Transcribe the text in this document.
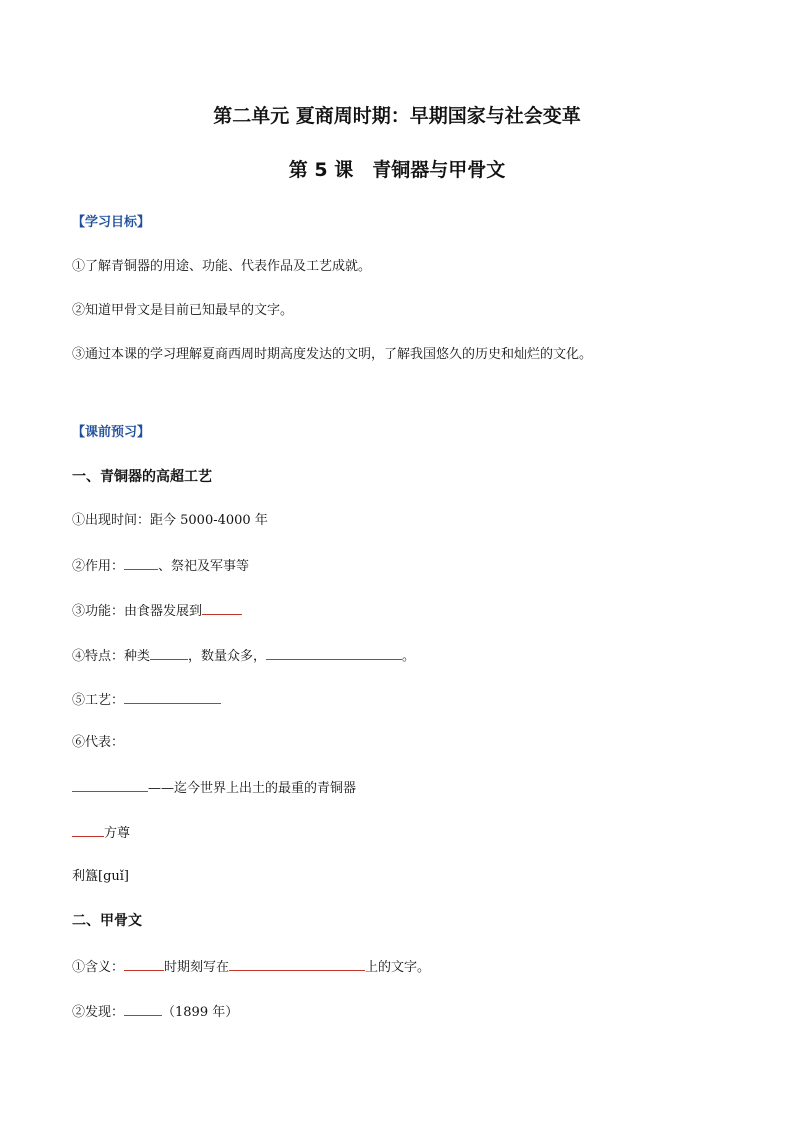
第二单元 夏商周时期：早期国家与社会变革
第 5 课　青铜器与甲骨文
【学习目标】
①了解青铜器的用途、功能、代表作品及工艺成就。
②知道甲骨文是目前已知最早的文字。
③通过本课的学习理解夏商西周时期高度发达的文明，了解我国悠久的历史和灿烂的文化。
【课前预习】
一、青铜器的高超工艺
①出现时间：距今 5000-4000 年
②作用：	、祭祀及军事等
③功能：由食器发展到
④特点：种类	，数量众多，	。
⑤工艺：
⑥代表：
——迄今世界上出土的最重的青铜器
方尊
利簋[guǐ]
二、甲骨文
①含义：	时期刻写在	上的文字。
②发现：	（1899 年）
